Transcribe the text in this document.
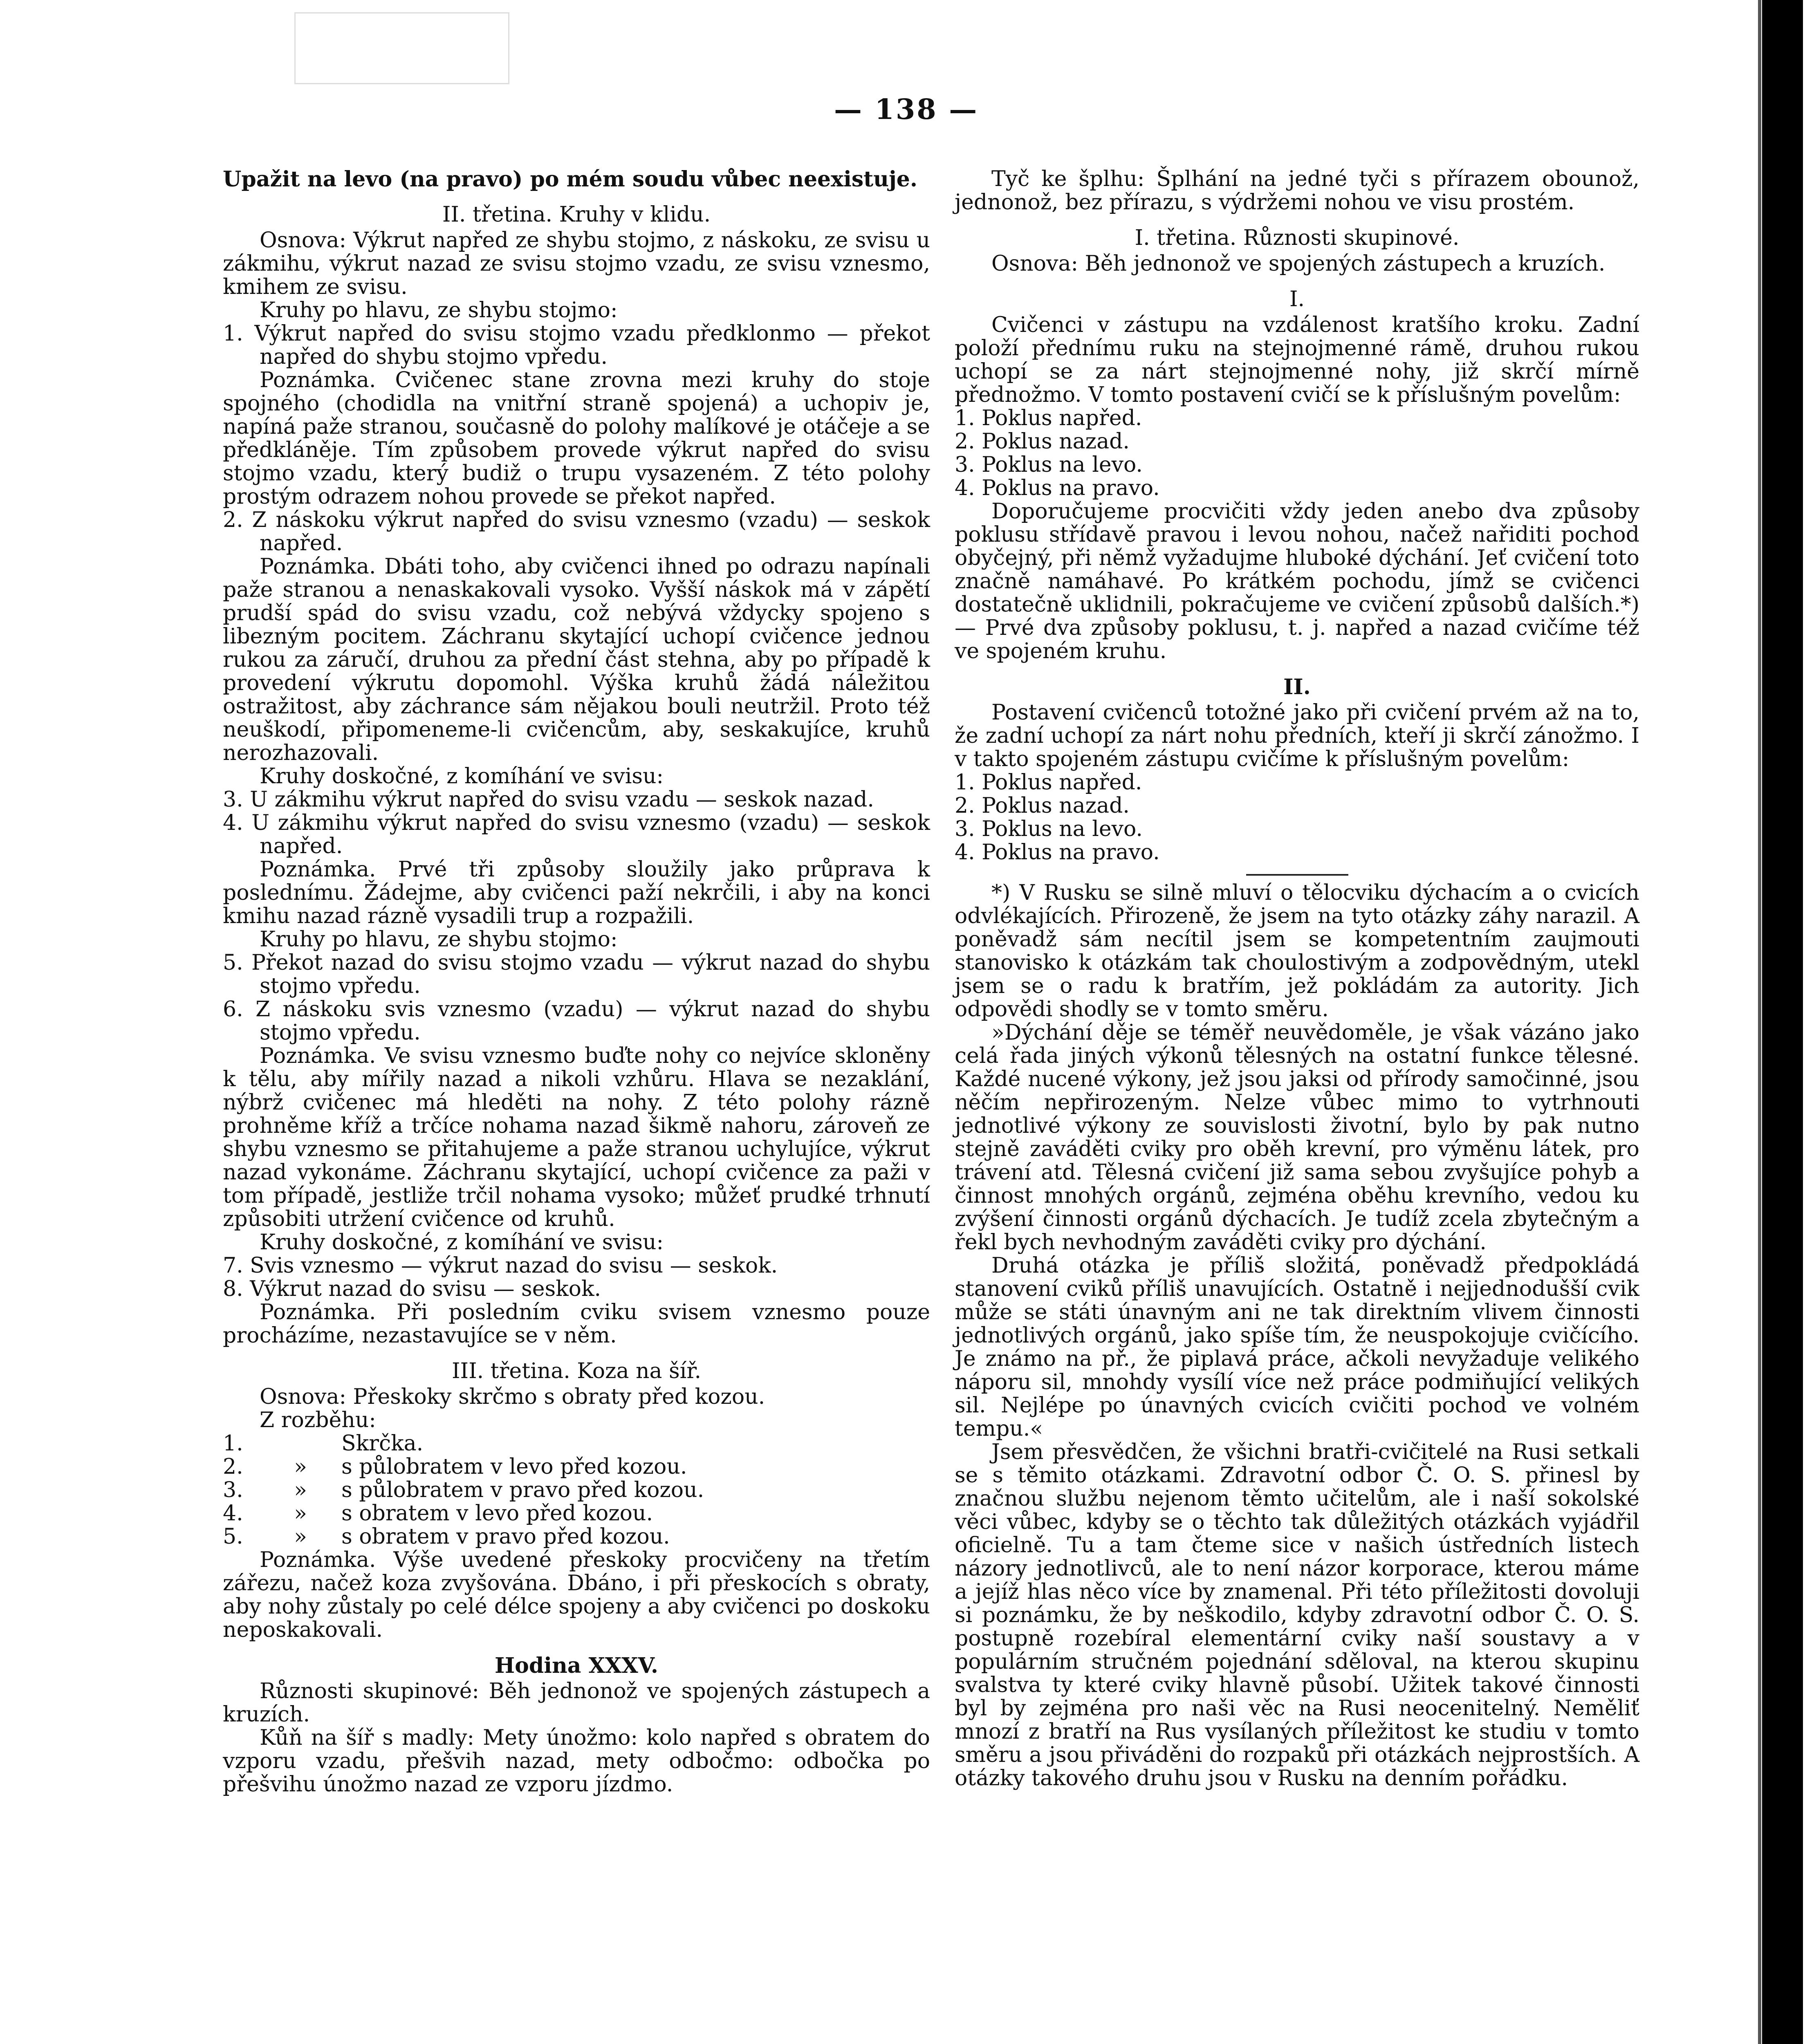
— 138 —

Upažit na levo (na pravo) po mém soudu vůbec neexistuje.

II. třetina. Kruhy v klidu.

Osnova: Výkrut napřed ze shybu stojmo, z náskoku, ze svisu u zákmihu, výkrut nazad ze svisu stojmo vzadu, ze svisu vznesmo, kmihem ze svisu.

Kruhy po hlavu, ze shybu stojmo:

1. Výkrut napřed do svisu stojmo vzadu předklonmo — překot napřed do shybu stojmo vpředu.

Poznámka. Cvičenec stane zrovna mezi kruhy do stoje spojného (chodidla na vnitřní straně spojená) a uchopiv je, napíná paže stranou, současně do polohy malíkové je otáčeje a se předkláněje. Tím způsobem provede výkrut napřed do svisu stojmo vzadu, který budiž o trupu vysazeném. Z této polohy prostým odrazem nohou provede se překot napřed.

2. Z náskoku výkrut napřed do svisu vznesmo (vzadu) — seskok napřed.

Poznámka. Dbáti toho, aby cvičenci ihned po odrazu napínali paže stranou a nenaskakovali vysoko. Vyšší náskok má v zápětí prudší spád do svisu vzadu, což nebývá vždycky spojeno s libezným pocitem. Záchranu skytající uchopí cvičence jednou rukou za záručí, druhou za přední část stehna, aby po případě k provedení výkrutu dopomohl. Výška kruhů žádá náležitou ostražitost, aby záchrance sám nějakou bouli neutržil. Proto též neuškodí, připomeneme-li cvičencům, aby, seskakujíce, kruhů nerozhazovali.

Kruhy doskočné, z komíhání ve svisu:

3. U zákmihu výkrut napřed do svisu vzadu — seskok nazad.

4. U zákmihu výkrut napřed do svisu vznesmo (vzadu) — seskok napřed.

Poznámka. Prvé tři způsoby sloužily jako průprava k poslednímu. Žádejme, aby cvičenci paží nekrčili, i aby na konci kmihu nazad rázně vysadili trup a rozpažili.

Kruhy po hlavu, ze shybu stojmo:

5. Překot nazad do svisu stojmo vzadu — výkrut nazad do shybu stojmo vpředu.

6. Z náskoku svis vznesmo (vzadu) — výkrut nazad do shybu stojmo vpředu.

Poznámka. Ve svisu vznesmo buďte nohy co nejvíce skloněny k tělu, aby mířily nazad a nikoli vzhůru. Hlava se nezaklání, nýbrž cvičenec má hleděti na nohy. Z této polohy rázně prohněme kříž a trčíce nohama nazad šikmě nahoru, zároveň ze shybu vznesmo se přitahujeme a paže stranou uchylujíce, výkrut nazad vykonáme. Záchranu skytající, uchopí cvičence za paži v tom případě, jestliže trčil nohama vysoko; můžeť prudké trhnutí způsobiti utržení cvičence od kruhů.

Kruhy doskočné, z komíhání ve svisu:

7. Svis vznesmo — výkrut nazad do svisu — seskok.

8. Výkrut nazad do svisu — seskok.

Poznámka. Při posledním cviku svisem vznesmo pouze procházíme, nezastavujíce se v něm.

III. třetina. Koza na šíř.

Osnova: Přeskoky skrčmo s obraty před kozou.

Z rozběhu:

1.	Skrčka.

2. » s půlobratem v levo před kozou.

3. » s půlobratem v pravo před kozou.

4. » s obratem v levo před kozou.

5. » s obratem v pravo před kozou.

Poznámka. Výše uvedené přeskoky procvičeny na třetím zářezu, načež koza zvyšována. Dbáno, i při přeskocích s obraty, aby nohy zůstaly po celé délce spojeny a aby cvičenci po doskoku neposkakovali.

Hodina XXXV.

Různosti skupinové: Běh jednonož ve spojených zástupech a kruzích.

Kůň na šíř s madly: Mety únožmo: kolo napřed s obratem do vzporu vzadu, přešvih nazad, mety odbočmo: odbočka po přešvihu únožmo nazad ze vzporu jízdmo.

Tyč ke šplhu: Šplhání na jedné tyči s přírazem obounož, jednonož, bez přírazu, s výdržemi nohou ve visu prostém.

I. třetina. Různosti skupinové.

Osnova: Běh jednonož ve spojených zástupech a kruzích.

I.

Cvičenci v zástupu na vzdálenost kratšího kroku. Zadní položí přednímu ruku na stejnojmenné rámě, druhou rukou uchopí se za nárt stejnojmenné nohy, již skrčí mírně přednožmo. V tomto postavení cvičí se k příslušným povelům:

1. Poklus napřed.

2. Poklus nazad.

3. Poklus na levo.

4. Poklus na pravo.

Doporučujeme procvičiti vždy jeden anebo dva způsoby poklusu střídavě pravou i levou nohou, načež nařiditi pochod obyčejný, při němž vyžadujme hluboké dýchání. Jeť cvičení toto značně namáhavé. Po krátkém pochodu, jímž se cvičenci dostatečně uklidnili, pokračujeme ve cvičení způsobů dalších.*) — Prvé dva způsoby poklusu, t. j. napřed a nazad cvičíme též ve spojeném kruhu.

II.

Postavení cvičenců totožné jako při cvičení prvém až na to, že zadní uchopí za nárt nohu předních, kteří ji skrčí zánožmo. I v takto spojeném zástupu cvičíme k příslušným povelům:

1. Poklus napřed.

2. Poklus nazad.

3. Poklus na levo.

4. Poklus na pravo.

*) V Rusku se silně mluví o tělocviku dýchacím a o cvicích odvlékajících. Přirozeně, že jsem na tyto otázky záhy narazil. A poněvadž sám necítil jsem se kompetentním zaujmouti stanovisko k otázkám tak choulostivým a zodpovědným, utekl jsem se o radu k bratřím, jež pokládám za autority. Jich odpovědi shodly se v tomto směru.

»Dýchání děje se téměř neuvědoměle, je však vázáno jako celá řada jiných výkonů tělesných na ostatní funkce tělesné. Každé nucené výkony, jež jsou jaksi od přírody samočinné, jsou něčím nepřirozeným. Nelze vůbec mimo to vytrhnouti jednotlivé výkony ze souvislosti životní, bylo by pak nutno stejně zaváděti cviky pro oběh krevní, pro výměnu látek, pro trávení atd. Tělesná cvičení již sama sebou zvyšujíce pohyb a činnost mnohých orgánů, zejména oběhu krevního, vedou ku zvýšení činnosti orgánů dýchacích. Je tudíž zcela zbytečným a řekl bych nevhodným zaváděti cviky pro dýchání.

Druhá otázka je příliš složitá, poněvadž předpokládá stanovení cviků příliš unavujících. Ostatně i nejjednodušší cvik může se státi únavným ani ne tak direktním vlivem činnosti jednotlivých orgánů, jako spíše tím, že neuspokojuje cvičícího. Je známo na př., že piplavá práce, ačkoli nevyžaduje velikého náporu sil, mnohdy vysílí více než práce podmiňující velikých sil. Nejlépe po únavných cvicích cvičiti pochod ve volném tempu.«

Jsem přesvědčen, že všichni bratři-cvičitelé na Rusi setkali se s těmito otázkami. Zdravotní odbor Č. O. S. přinesl by značnou službu nejenom těmto učitelům, ale i naší sokolské věci vůbec, kdyby se o těchto tak důležitých otázkách vyjádřil oficielně. Tu a tam čteme sice v našich ústředních listech názory jednotlivců, ale to není názor korporace, kterou máme a jejíž hlas něco více by znamenal. Při této příležitosti dovoluji si poznámku, že by neškodilo, kdyby zdravotní odbor Č. O. S. postupně rozebíral elementární cviky naší soustavy a v populárním stručném pojednání sděloval, na kterou skupinu svalstva ty které cviky hlavně působí. Užitek takové činnosti byl by zejména pro naši věc na Rusi neocenitelný. Neměliť mnozí z bratří na Rus vysílaných příležitost ke studiu v tomto směru a jsou přiváděni do rozpaků při otázkách nejprostších. A otázky takového druhu jsou v Rusku na denním pořádku.
